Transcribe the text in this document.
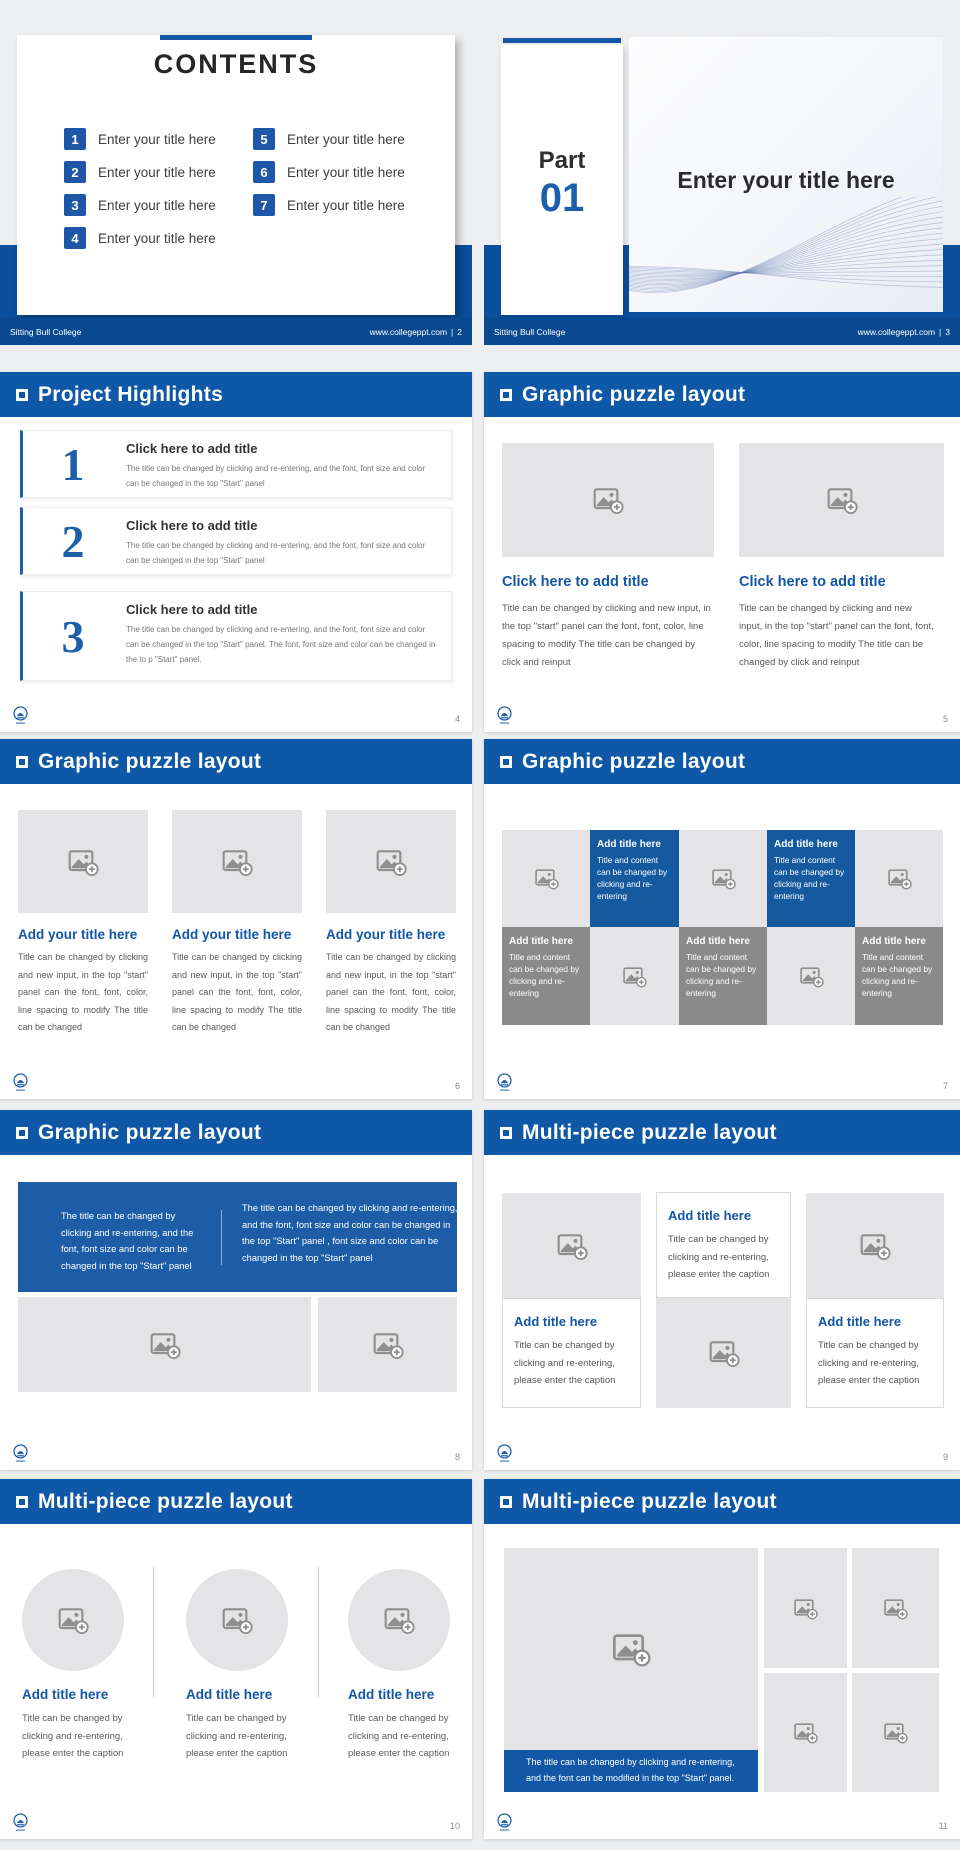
CONTENTS
1	Enter your title here
2	Enter your title here
3	Enter your title here
4	Enter your title here
5	Enter your title here
6	Enter your title here
7	Enter your title here
Sitting Bull College	www.collegeppt.com | 2
Enter your title here
Part
01
Sitting Bull College	www.collegeppt.com | 3
Project Highlights
1	Click here to add title
The title can be changed by clicking and re-entering, and the font, font size and color can be changed in the top "Start" panel
2	Click here to add title
The title can be changed by clicking and re-entering, and the font, font size and color can be changed in the top "Start" panel
3
Click here to add title
The title can be changed by clicking and re-entering, and the font, font size and color can be changed in the top "Start" panel. The font, font size and color can be changed in the to p "Start" panel.
4
Graphic puzzle layout
Click here to add title	Click here to add title
Title can be changed by clicking and new input, in the top "start" panel can the font, font, color, line spacing to modify The title can be changed by click and reinput
Title can be changed by clicking and new input, in the top "start" panel can the font, font, color, line spacing to modify The title can be changed by click and reinput
5
Graphic puzzle layout
Add your title here	Add your title here	Add your title here
Title can be changed by clicking and new input, in the top "start" panel can the font, font, color, line spacing to modify The title can be changed
Title can be changed by clicking and new input, in the top "start" panel can the font, font, color, line spacing to modify The title can be changed
Title can be changed by clicking and new input, in the top "start" panel can the font, font, color, line spacing to modify The title can be changed
6
Graphic puzzle layout
Add title here
Title and content can be changed by clicking and re-entering
Add title here
Title and content can be changed by clicking and re-entering
Add title here
Title and content can be changed by clicking and re-entering
Add title here
Title and content can be changed by clicking and re-entering
Add title here
Title and content can be changed by clicking and re-entering
7
Graphic puzzle layout
The title can be changed by clicking and re-entering, and the font, font size and color can be changed in the top "Start" panel
The title can be changed by clicking and re-entering, and the font, font size and color can be changed in the top "Start" panel , font size and color can be changed in the top "Start" panel
8
Multi-piece puzzle layout
Add title here
Title can be changed by clicking and re-entering, please enter the caption
Add title here
Title can be changed by clicking and re-entering, please enter the caption
Add title here
Title can be changed by clicking and re-entering, please enter the caption
9
Multi-piece puzzle layout
Add title here	Add title here	Add title here
Title can be changed by clicking and re-entering, please enter the caption
Title can be changed by clicking and re-entering, please enter the caption
Title can be changed by clicking and re-entering, please enter the caption
10
Multi-piece puzzle layout
The title can be changed by clicking and re-entering, and the font can be modified in the top "Start" panel.
11
